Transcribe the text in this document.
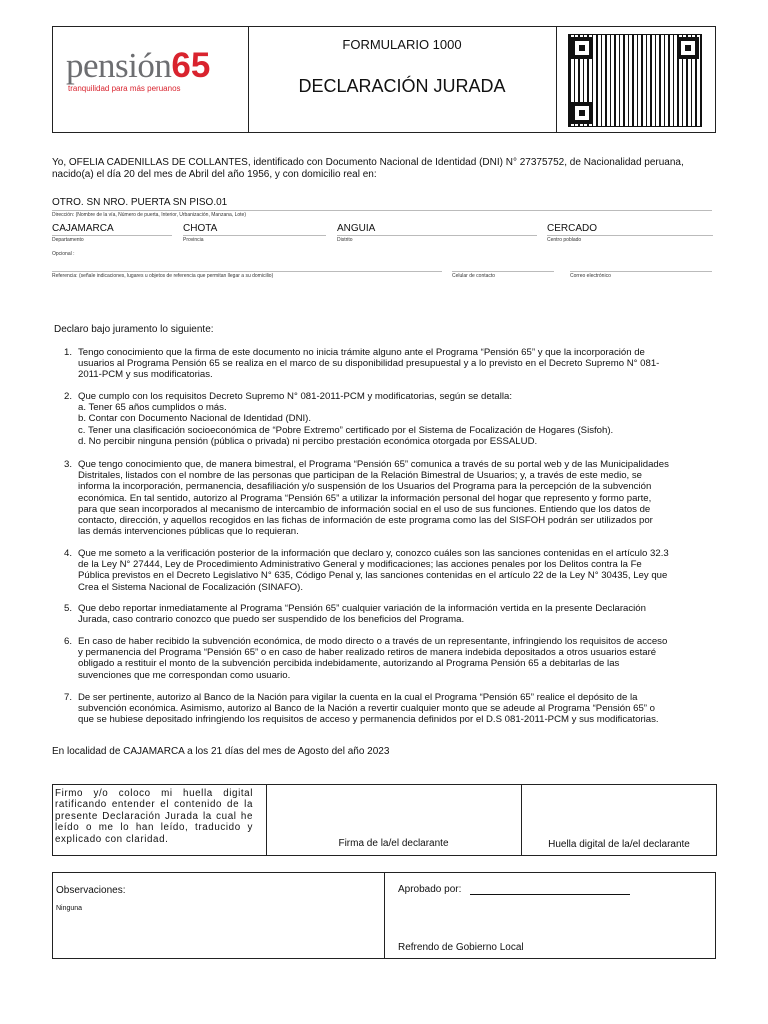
pensión65
tranquilidad para más peruanos
FORMULARIO 1000
DECLARACIÓN JURADA
Yo, OFELIA CADENILLAS DE COLLANTES, identificado con Documento Nacional de Identidad (DNI) N° 27375752, de Nacionalidad peruana,
nacido(a) el día 20 del mes de Abril del año 1956, y con domicilio real en:
OTRO. SN NRO. PUERTA SN PISO.01
Dirección: (Nombre de la vía, Número de puerta, Interior, Urbanización, Manzana, Lote)
CAJAMARCA
Departamento
CHOTA
Provincia
ANGUIA
Distrito
CERCADO
Centro poblado
Opcional :
Referencia: (señale indicaciones, lugares u objetos de referencia que permitan llegar a su domicilio)	Celular de contacto	Correo electrónico
Declaro bajo juramento lo siguiente:
1. Tengo conocimiento que la firma de este documento no inicia trámite alguno ante el Programa “Pensión 65” y que la incorporación de
usuarios al Programa Pensión 65 se realiza en el marco de su disponibilidad presupuestal y a lo previsto en el Decreto Supremo N° 081-
2011-PCM y sus modificatorias.
2. Que cumplo con los requisitos Decreto Supremo N° 081-2011-PCM y modificatorias, según se detalla:
a. Tener 65 años cumplidos o más.
b. Contar con Documento Nacional de Identidad (DNI).
c. Tener una clasificación socioeconómica de “Pobre Extremo” certificado por el Sistema de Focalización de Hogares (Sisfoh).
d. No percibir ninguna pensión (pública o privada) ni percibo prestación económica otorgada por ESSALUD.
3. Que tengo conocimiento que, de manera bimestral, el Programa “Pensión 65” comunica a través de su portal web y de las Municipalidades
Distritales, listados con el nombre de las personas que participan de la Relación Bimestral de Usuarios; y, a través de este medio, se
informa la incorporación, permanencia, desafiliación y/o suspensión de los Usuarios del Programa para la percepción de la subvención
económica. En tal sentido, autorizo al Programa “Pensión 65” a utilizar la información personal del hogar que represento y formo parte,
para que sean incorporados al mecanismo de intercambio de información social en el uso de sus funciones. Entiendo que los datos de
contacto, dirección, y aquellos recogidos en las fichas de información de este programa como las del SISFOH podrán ser utilizados por
las demás intervenciones públicas que lo requieran.
4. Que me someto a la verificación posterior de la información que declaro y, conozco cuáles son las sanciones contenidas en el artículo 32.3
de la Ley N° 27444, Ley de Procedimiento Administrativo General y modificaciones; las acciones penales por los Delitos contra la Fe
Pública previstos en el Decreto Legislativo N° 635, Código Penal y, las sanciones contenidas en el artículo 22 de la Ley N° 30435, Ley que
Crea el Sistema Nacional de Focalización (SINAFO).
5. Que debo reportar inmediatamente al Programa “Pensión 65” cualquier variación de la información vertida en la presente Declaración
Jurada, caso contrario conozco que puedo ser suspendido de los beneficios del Programa.
6. En caso de haber recibido la subvención económica, de modo directo o a través de un representante, infringiendo los requisitos de acceso
y permanencia del Programa “Pensión 65” o en caso de haber realizado retiros de manera indebida depositados a otros usuarios estaré
obligado a restituir el monto de la subvención percibida indebidamente, autorizando al Programa Pensión 65 a debitarlas de las
suvenciones que me correspondan como usuario.
7. De ser pertinente, autorizo al Banco de la Nación para vigilar la cuenta en la cual el Programa “Pensión 65” realice el depósito de la
subvención económica. Asimismo, autorizo al Banco de la Nación a revertir cualquier monto que se adeude al Programa “Pensión 65” o
que se hubiese depositado infringiendo los requisitos de acceso y permanencia definidos por el D.S 081-2011-PCM y sus modificatorias.
En localidad de CAJAMARCA a los 21 días del mes de Agosto del año 2023
Firmo y/o coloco mi huella digital ratificando entender el contenido de la presente Declaración Jurada la cual he leído o me lo han leído, traducido y explicado con claridad.	Firma de la/el declarante	Huella digital de la/el declarante
Observaciones:
Ninguna
Aprobado por:
Refrendo de Gobierno Local
